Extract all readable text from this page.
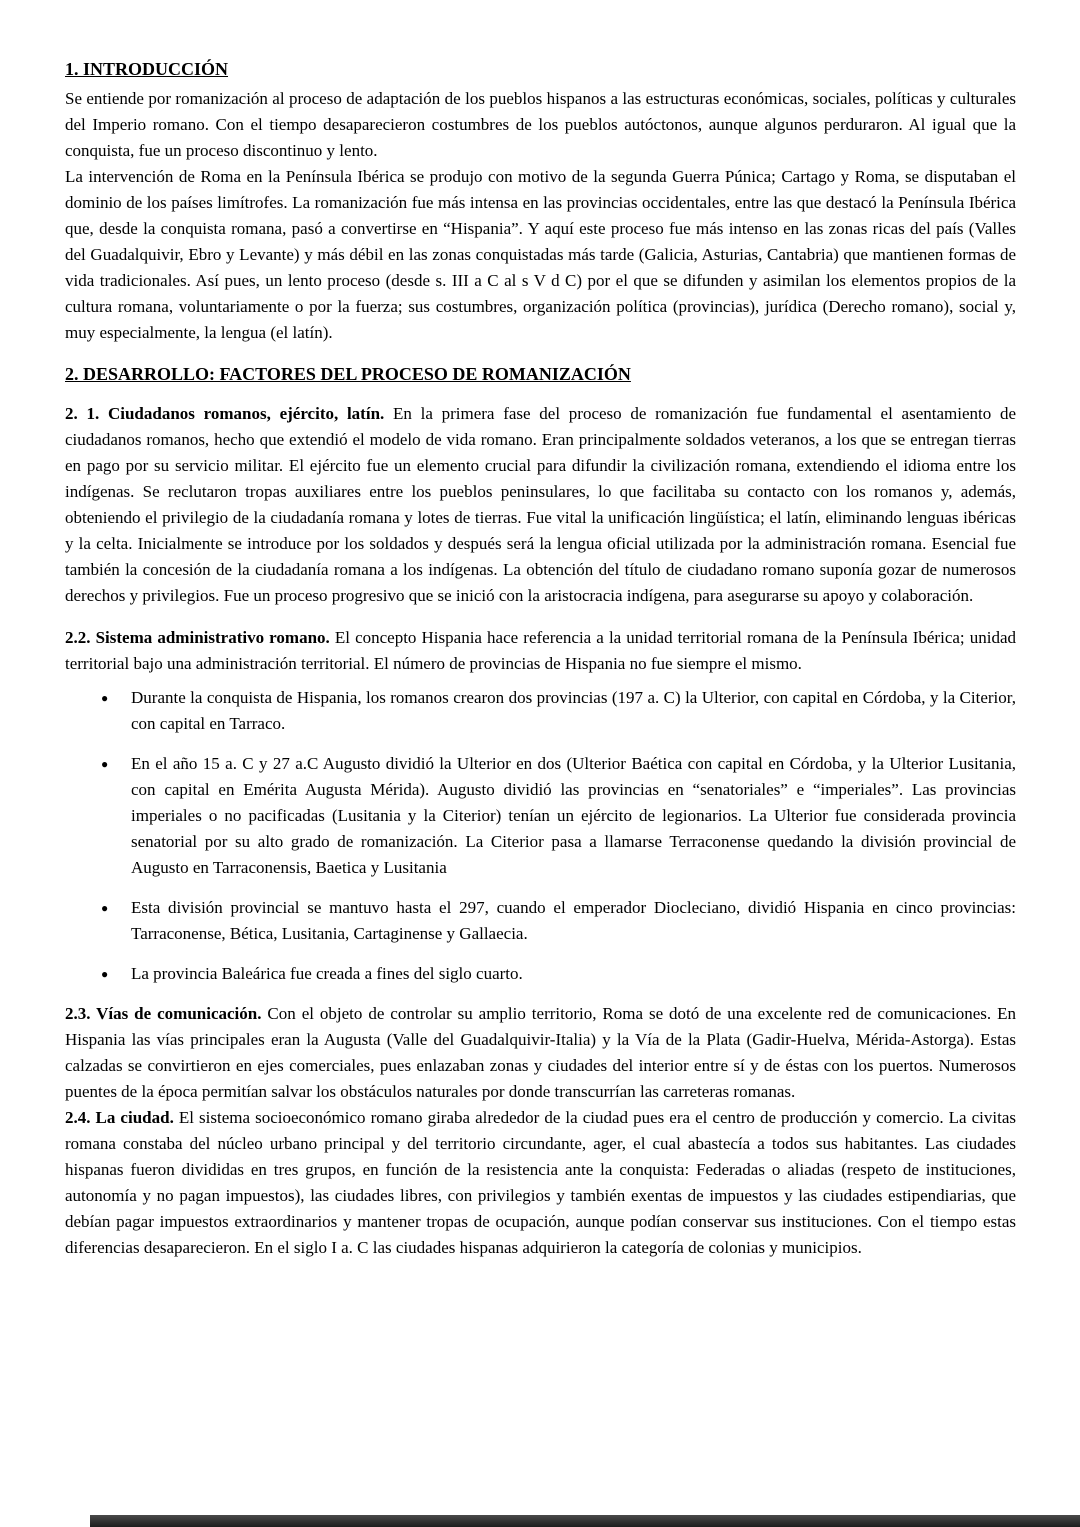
1. INTRODUCCIÓN

Se entiende por romanización al proceso de adaptación de los pueblos hispanos a las estructuras económicas, sociales, políticas y culturales del Imperio romano. Con el tiempo desaparecieron costumbres de los pueblos autóctonos, aunque algunos perduraron. Al igual que la conquista, fue un proceso discontinuo y lento.

La intervención de Roma en la Península Ibérica se produjo con motivo de la segunda Guerra Púnica; Cartago y Roma, se disputaban el dominio de los países limítrofes. La romanización fue más intensa en las provincias occidentales, entre las que destacó la Península Ibérica que, desde la conquista romana, pasó a convertirse en “Hispania”. Y aquí este proceso fue más intenso en las zonas ricas del país (Valles del Guadalquivir, Ebro y Levante) y más débil en las zonas conquistadas más tarde (Galicia, Asturias, Cantabria) que mantienen formas de vida tradicionales. Así pues, un lento proceso (desde s. III a C al s V d C) por el que se difunden y asimilan los elementos propios de la cultura romana, voluntariamente o por la fuerza; sus costumbres, organización política (provincias), jurídica (Derecho romano), social y, muy especialmente, la lengua (el latín).

2. DESARROLLO: FACTORES DEL PROCESO DE ROMANIZACIÓN

2. 1. Ciudadanos romanos, ejército, latín. En la primera fase del proceso de romanización fue fundamental el asentamiento de ciudadanos romanos, hecho que extendió el modelo de vida romano. Eran principalmente soldados veteranos, a los que se entregan tierras en pago por su servicio militar. El ejército fue un elemento crucial para difundir la civilización romana, extendiendo el idioma entre los indígenas. Se reclutaron tropas auxiliares entre los pueblos peninsulares, lo que facilitaba su contacto con los romanos y, además, obteniendo el privilegio de la ciudadanía romana y lotes de tierras. Fue vital la unificación lingüística; el latín, eliminando lenguas ibéricas y la celta. Inicialmente se introduce por los soldados y después será la lengua oficial utilizada por la administración romana. Esencial fue también la concesión de la ciudadanía romana a los indígenas. La obtención del título de ciudadano romano suponía gozar de numerosos derechos y privilegios. Fue un proceso progresivo que se inició con la aristocracia indígena, para asegurarse su apoyo y colaboración.

2.2. Sistema administrativo romano. El concepto Hispania hace referencia a la unidad territorial romana de la Península Ibérica; unidad territorial bajo una administración territorial. El número de provincias de Hispania no fue siempre el mismo.

● Durante la conquista de Hispania, los romanos crearon dos provincias (197 a. C) la Ulterior, con capital en Córdoba, y la Citerior, con capital en Tarraco.
● En el año 15 a. C y 27 a.C Augusto dividió la Ulterior en dos (Ulterior Baética con capital en Córdoba, y la Ulterior Lusitania, con capital en Emérita Augusta Mérida). Augusto dividió las provincias en “senatoriales” e “imperiales”. Las provincias imperiales o no pacificadas (Lusitania y la Citerior) tenían un ejército de legionarios. La Ulterior fue considerada provincia senatorial por su alto grado de romanización. La Citerior pasa a llamarse Terraconense quedando la división provincial de Augusto en Tarraconensis, Baetica y Lusitania
● Esta división provincial se mantuvo hasta el 297, cuando el emperador Diocleciano, dividió Hispania en cinco provincias: Tarraconense, Bética, Lusitania, Cartaginense y Gallaecia.
● La provincia Baleárica fue creada a fines del siglo cuarto.

2.3. Vías de comunicación. Con el objeto de controlar su amplio territorio, Roma se dotó de una excelente red de comunicaciones. En Hispania las vías principales eran la Augusta (Valle del Guadalquivir-Italia) y la Vía de la Plata (Gadir-Huelva, Mérida-Astorga). Estas calzadas se convirtieron en ejes comerciales, pues enlazaban zonas y ciudades del interior entre sí y de éstas con los puertos. Numerosos puentes de la época permitían salvar los obstáculos naturales por donde transcurrían las carreteras romanas.

2.4. La ciudad. El sistema socioeconómico romano giraba alrededor de la ciudad pues era el centro de producción y comercio. La civitas romana constaba del núcleo urbano principal y del territorio circundante, ager, el cual abastecía a todos sus habitantes. Las ciudades hispanas fueron divididas en tres grupos, en función de la resistencia ante la conquista: Federadas o aliadas (respeto de instituciones, autonomía y no pagan impuestos), las ciudades libres, con privilegios y también exentas de impuestos y las ciudades estipendiarias, que debían pagar impuestos extraordinarios y mantener tropas de ocupación, aunque podían conservar sus instituciones. Con el tiempo estas diferencias desaparecieron. En el siglo I a. C las ciudades hispanas adquirieron la categoría de colonias y municipios.
